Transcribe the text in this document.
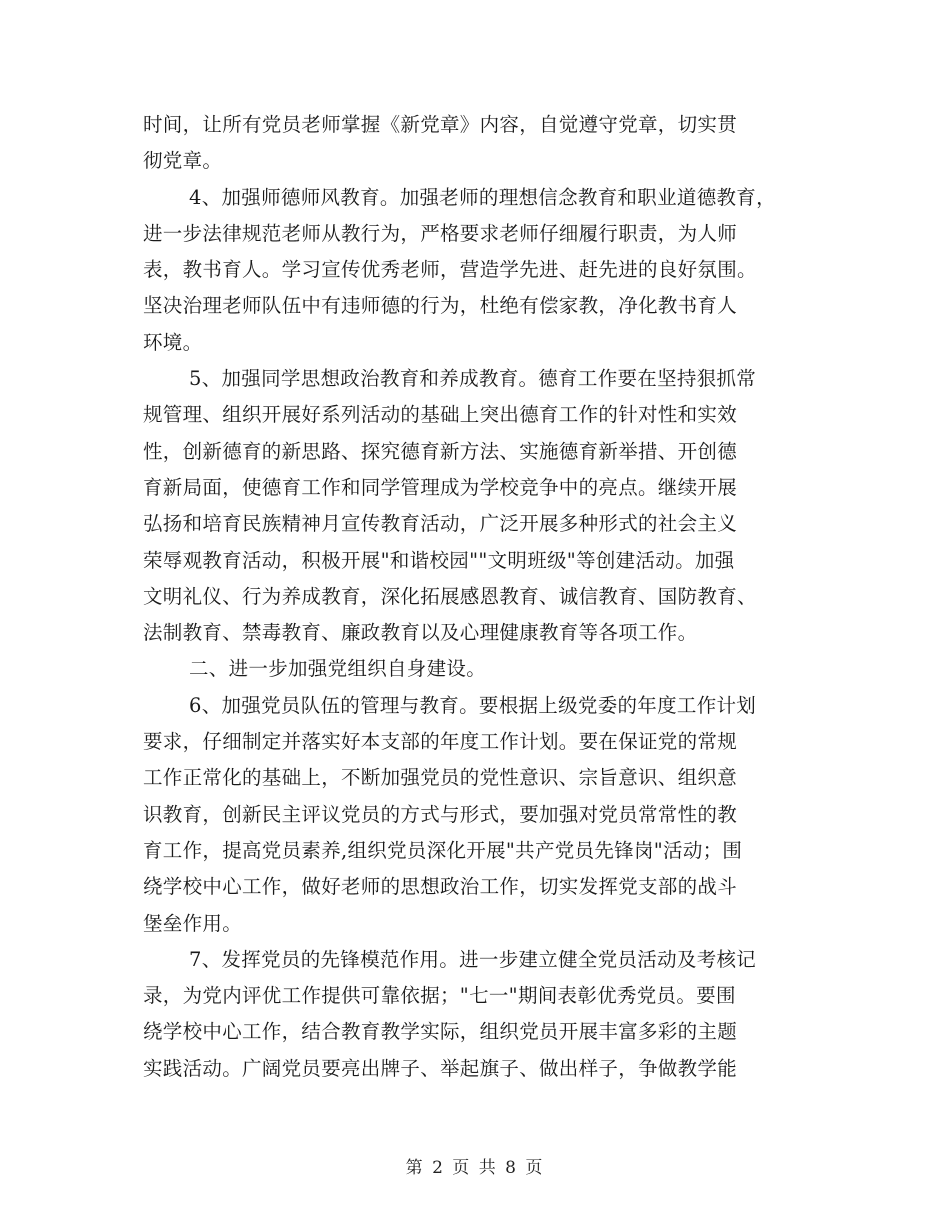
时间，让所有党员老师掌握《新党章》内容，自觉遵守党章，切实贯
彻党章。
4、加强师德师风教育。加强老师的理想信念教育和职业道德教育，
进一步法律规范老师从教行为，严格要求老师仔细履行职责，为人师
表，教书育人。学习宣传优秀老师，营造学先进、赶先进的良好氛围。
坚决治理老师队伍中有违师德的行为，杜绝有偿家教，净化教书育人
环境。
5、加强同学思想政治教育和养成教育。德育工作要在坚持狠抓常
规管理、组织开展好系列活动的基础上突出德育工作的针对性和实效
性，创新德育的新思路、探究德育新方法、实施德育新举措、开创德
育新局面，使德育工作和同学管理成为学校竞争中的亮点。继续开展
弘扬和培育民族精神月宣传教育活动，广泛开展多种形式的社会主义
荣辱观教育活动，积极开展"和谐校园""文明班级"等创建活动。加强
文明礼仪、行为养成教育，深化拓展感恩教育、诚信教育、国防教育、
法制教育、禁毒教育、廉政教育以及心理健康教育等各项工作。
二、进一步加强党组织自身建设。
6、加强党员队伍的管理与教育。要根据上级党委的年度工作计划
要求，仔细制定并落实好本支部的年度工作计划。要在保证党的常规
工作正常化的基础上，不断加强党员的党性意识、宗旨意识、组织意
识教育，创新民主评议党员的方式与形式，要加强对党员常常性的教
育工作，提高党员素养,组织党员深化开展"共产党员先锋岗"活动；围
绕学校中心工作，做好老师的思想政治工作，切实发挥党支部的战斗
堡垒作用。
7、发挥党员的先锋模范作用。进一步建立健全党员活动及考核记
录，为党内评优工作提供可靠依据；"七一"期间表彰优秀党员。要围
绕学校中心工作，结合教育教学实际，组织党员开展丰富多彩的主题
实践活动。广阔党员要亮出牌子、举起旗子、做出样子，争做教学能
第 2 页 共 8 页
